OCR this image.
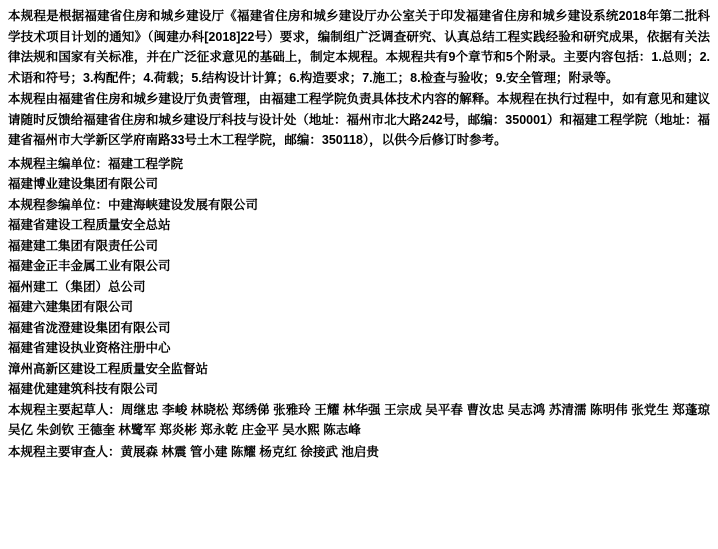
本规程是根据福建省住房和城乡建设厅《福建省住房和城乡建设厅办公室关于印发福建省住房和城乡建设系统2018年第二批科学技术项目计划的通知》（闽建办科[2018]22号）要求，编制组广泛调查研究、认真总结工程实践经验和研究成果，依据有关法律法规和国家有关标准，并在广泛征求意见的基础上，制定本规程。本规程共有9个章节和5个附录。主要内容包括：1.总则；2.术语和符号；3.构配件；4.荷载；5.结构设计计算；6.构造要求；7.施工；8.检查与验收；9.安全管理；附录等。

本规程由福建省住房和城乡建设厅负责管理，由福建工程学院负责具体技术内容的解释。本规程在执行过程中，如有意见和建议请随时反馈给福建省住房和城乡建设厅科技与设计处（地址：福州市北大路242号，邮编：350001）和福建工程学院（地址：福建省福州市大学新区学府南路33号土木工程学院，邮编：350118），以供今后修订时参考。

本规程主编单位：福建工程学院

福建博业建设集团有限公司

本规程参编单位：中建海峡建设发展有限公司

福建省建设工程质量安全总站

福建建工集团有限责任公司

福建金正丰金属工业有限公司

福州建工（集团）总公司

福建六建集团有限公司

福建省泷澄建设集团有限公司

福建省建设执业资格注册中心

漳州高新区建设工程质量安全监督站

福建优建建筑科技有限公司

本规程主要起草人：周继忠 李峻 林晓松 郑绣俤 张雅玲 王耀 林华强 王宗成 吴平春 曹汝忠 吴志鸿 苏清濡 陈明伟 张党生 郑蓬琼吴亿 朱剑钦 王德奎 林鹭军 郑炎彬 郑永乾 庄金平 吴水熙 陈志峰

本规程主要审查人：黄展森 林震 管小建 陈耀 杨克红 徐接武 池启贵
